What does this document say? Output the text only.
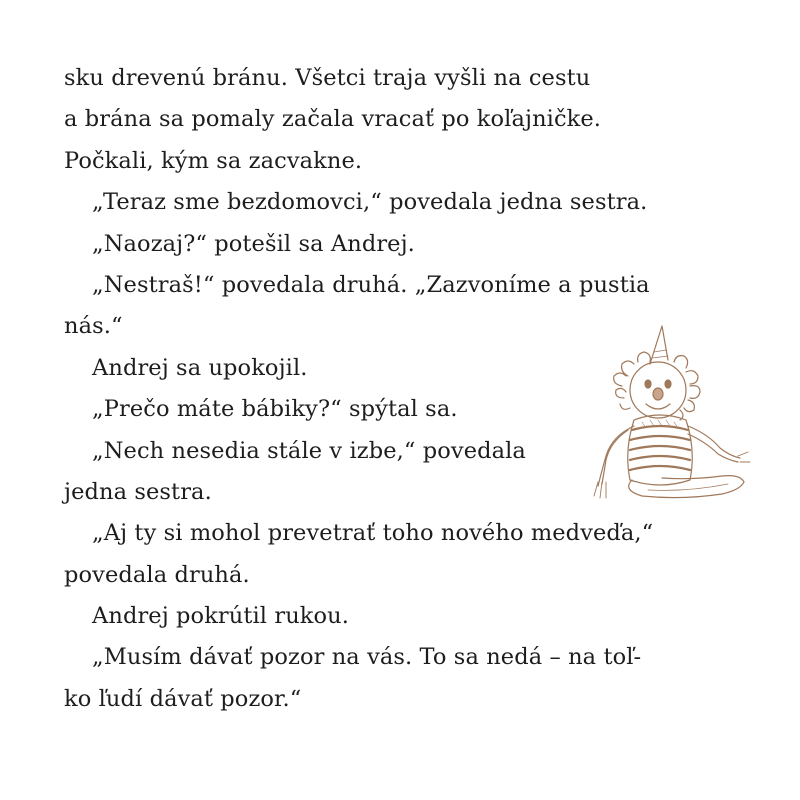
sku drevenú bránu. Všetci traja vyšli na cestu
a brána sa pomaly začala vracať po koľajničke.
Počkali, kým sa zacvakne.
„Teraz sme bezdomovci,“ povedala jedna sestra.
„Naozaj?“ potešil sa Andrej.
„Nestraš!“ povedala druhá. „Zazvoníme a pustia
nás.“
Andrej sa upokojil.
„Prečo máte bábiky?“ spýtal sa.
„Nech nesedia stále v izbe,“ povedala
jedna sestra.
„Aj ty si mohol prevetrať toho nového medveďa,“
povedala druhá.
Andrej pokrútil rukou.
„Musím dávať pozor na vás. To sa nedá – na toľ-
ko ľudí dávať pozor.“
